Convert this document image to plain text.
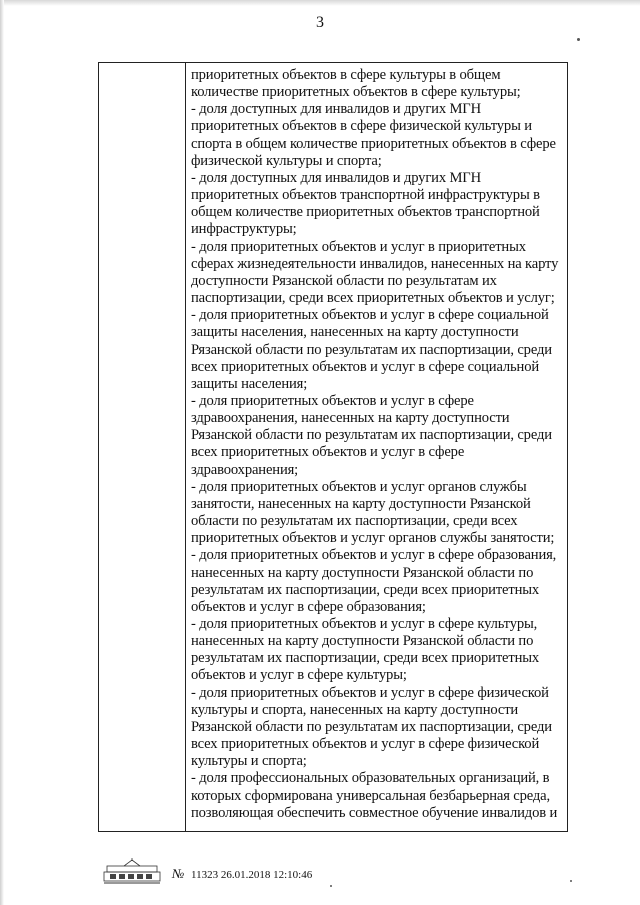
3
приоритетных объектов в сфере культуры в общем
количестве приоритетных объектов в сфере культуры;
- доля доступных для инвалидов и других МГН
приоритетных объектов в сфере физической культуры и
спорта в общем количестве приоритетных объектов в сфере
физической культуры и спорта;
- доля доступных для инвалидов и других МГН
приоритетных объектов транспортной инфраструктуры в
общем количестве приоритетных объектов транспортной
инфраструктуры;
- доля приоритетных объектов и услуг в приоритетных
сферах жизнедеятельности инвалидов, нанесенных на карту
доступности Рязанской области по результатам их
паспортизации, среди всех приоритетных объектов и услуг;
- доля приоритетных объектов и услуг в сфере социальной
защиты населения, нанесенных на карту доступности
Рязанской области по результатам их паспортизации, среди
всех приоритетных объектов и услуг в сфере социальной
защиты населения;
- доля приоритетных объектов и услуг в сфере
здравоохранения, нанесенных на карту доступности
Рязанской области по результатам их паспортизации, среди
всех приоритетных объектов и услуг в сфере
здравоохранения;
- доля приоритетных объектов и услуг органов службы
занятости, нанесенных на карту доступности Рязанской
области по результатам их паспортизации, среди всех
приоритетных объектов и услуг органов службы занятости;
- доля приоритетных объектов и услуг в сфере образования,
нанесенных на карту доступности Рязанской области по
результатам их паспортизации, среди всех приоритетных
объектов и услуг в сфере образования;
- доля приоритетных объектов и услуг в сфере культуры,
нанесенных на карту доступности Рязанской области по
результатам их паспортизации, среди всех приоритетных
объектов и услуг в сфере культуры;
- доля приоритетных объектов и услуг в сфере физической
культуры и спорта, нанесенных на карту доступности
Рязанской области по результатам их паспортизации, среди
всех приоритетных объектов и услуг в сфере физической
культуры и спорта;
- доля профессиональных образовательных организаций, в
которых сформирована универсальная безбарьерная среда,
позволяющая обеспечить совместное обучение инвалидов и
№ 11323 26.01.2018 12:10:46
